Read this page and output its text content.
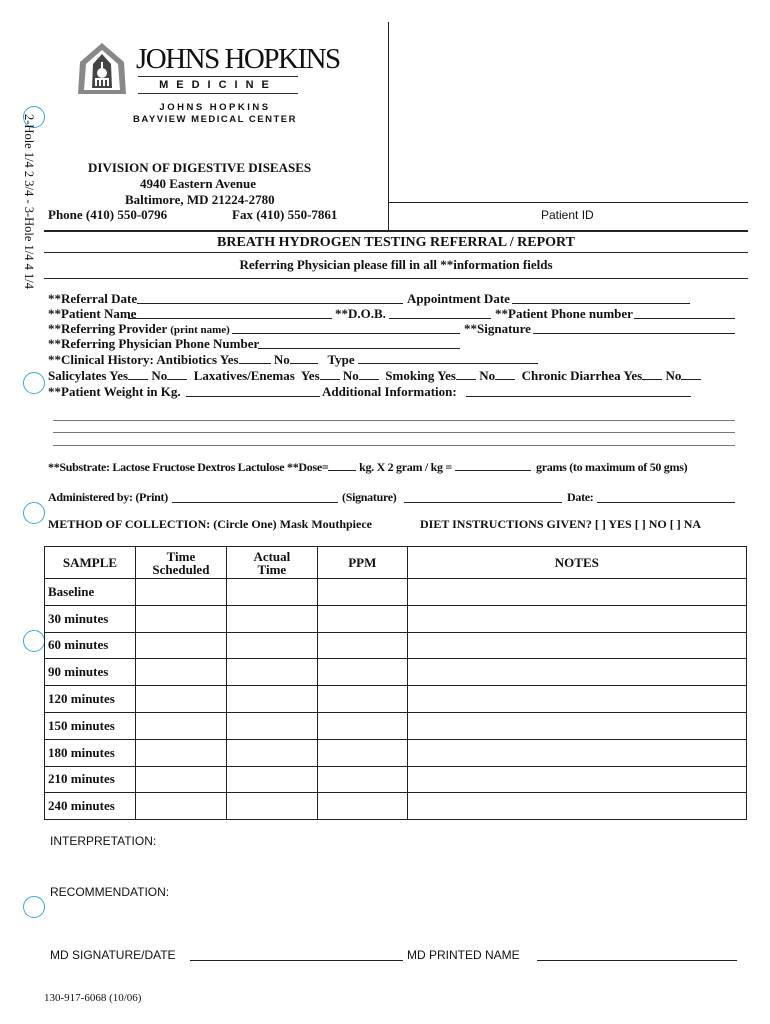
2-Hole 1/4 2 3/4 - 3-Hole 1/4 4 1/4
JOHNS HOPKINS
MEDICINE
JOHNS HOPKINS
BAYVIEW MEDICAL CENTER
DIVISION OF DIGESTIVE DISEASES
4940 Eastern Avenue
Baltimore, MD 21224-2780
Phone (410) 550-0796	Fax (410) 550-7861	Patient ID
BREATH HYDROGEN TESTING REFERRAL / REPORT
Referring Physician please fill in all **information fields
**Referral Date	Appointment Date
**Patient Name	**D.O.B.	**Patient Phone number
**Referring Provider (print name)	**Signature
**Referring Physician Phone Number
**Clinical History: Antibiotics Yes	No	Type
Salicylates Yes No Laxatives/Enemas Yes No Smoking Yes No Chronic Diarrhea Yes No
**Patient Weight in Kg.	Additional Information:
**Substrate: Lactose Fructose Dextros Lactulose **Dose=	kg. X 2 gram / kg =	grams (to maximum of 50 gms)
Administered by: (Print)	(Signature)	Date:
METHOD OF COLLECTION: (Circle One) Mask Mouthpiece	DIET INSTRUCTIONS GIVEN? [ ] YES [ ] NO [ ] NA
SAMPLE	Time Scheduled	Actual Time	PPM	NOTES
Baseline				
30 minutes				
60 minutes				
90 minutes				
120 minutes				
150 minutes				
180 minutes				
210 minutes				
240 minutes				
INTERPRETATION:
RECOMMENDATION:
MD SIGNATURE/DATE	MD PRINTED NAME
130-917-6068 (10/06)
